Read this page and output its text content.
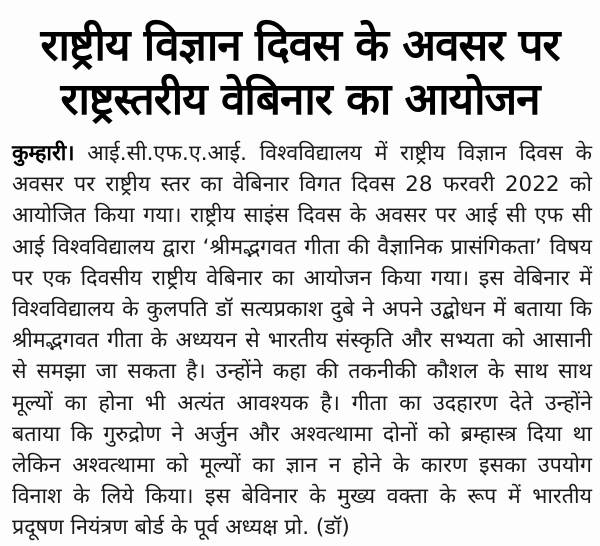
राष्ट्रीय विज्ञान दिवस के अवसर पर
राष्ट्रस्तरीय वेबिनार का आयोजन
कुम्हारी। आई.सी.एफ.ए.आई. विश्वविद्यालय में राष्ट्रीय विज्ञान दिवस के अवसर पर राष्ट्रीय स्तर का वेबिनार विगत दिवस 28 फरवरी 2022 को आयोजित किया गया। राष्ट्रीय साइंस दिवस के अवसर पर आई सी एफ सी आई विश्वविद्यालय द्वारा ‘श्रीमद्भगवत गीता की वैज्ञानिक प्रासंगिकता’ विषय पर एक दिवसीय राष्ट्रीय वेबिनार का आयोजन किया गया। इस वेबिनार में विश्वविद्यालय के कुलपति डॉ सत्यप्रकाश दुबे ने अपने उद्बोधन में बताया कि श्रीमद्भगवत गीता के अध्ययन से भारतीय संस्कृति और सभ्यता को आसानी से समझा जा सकता है। उन्होंने कहा की तकनीकी कौशल के साथ साथ मूल्यों का होना भी अत्यंत आवश्यक है। गीता का उदहारण देते उन्होंने बताया कि गुरुद्रोण ने अर्जुन और अश्वत्थामा दोनों को ब्रम्हास्त्र दिया था लेकिन अश्वत्थामा को मूल्यों का ज्ञान न होने के कारण इसका उपयोग विनाश के लिये किया। इस बेविनार के मुख्य वक्ता के रूप में भारतीय प्रदूषण नियंत्रण बोर्ड के पूर्व अध्यक्ष प्रो. (डॉ)
